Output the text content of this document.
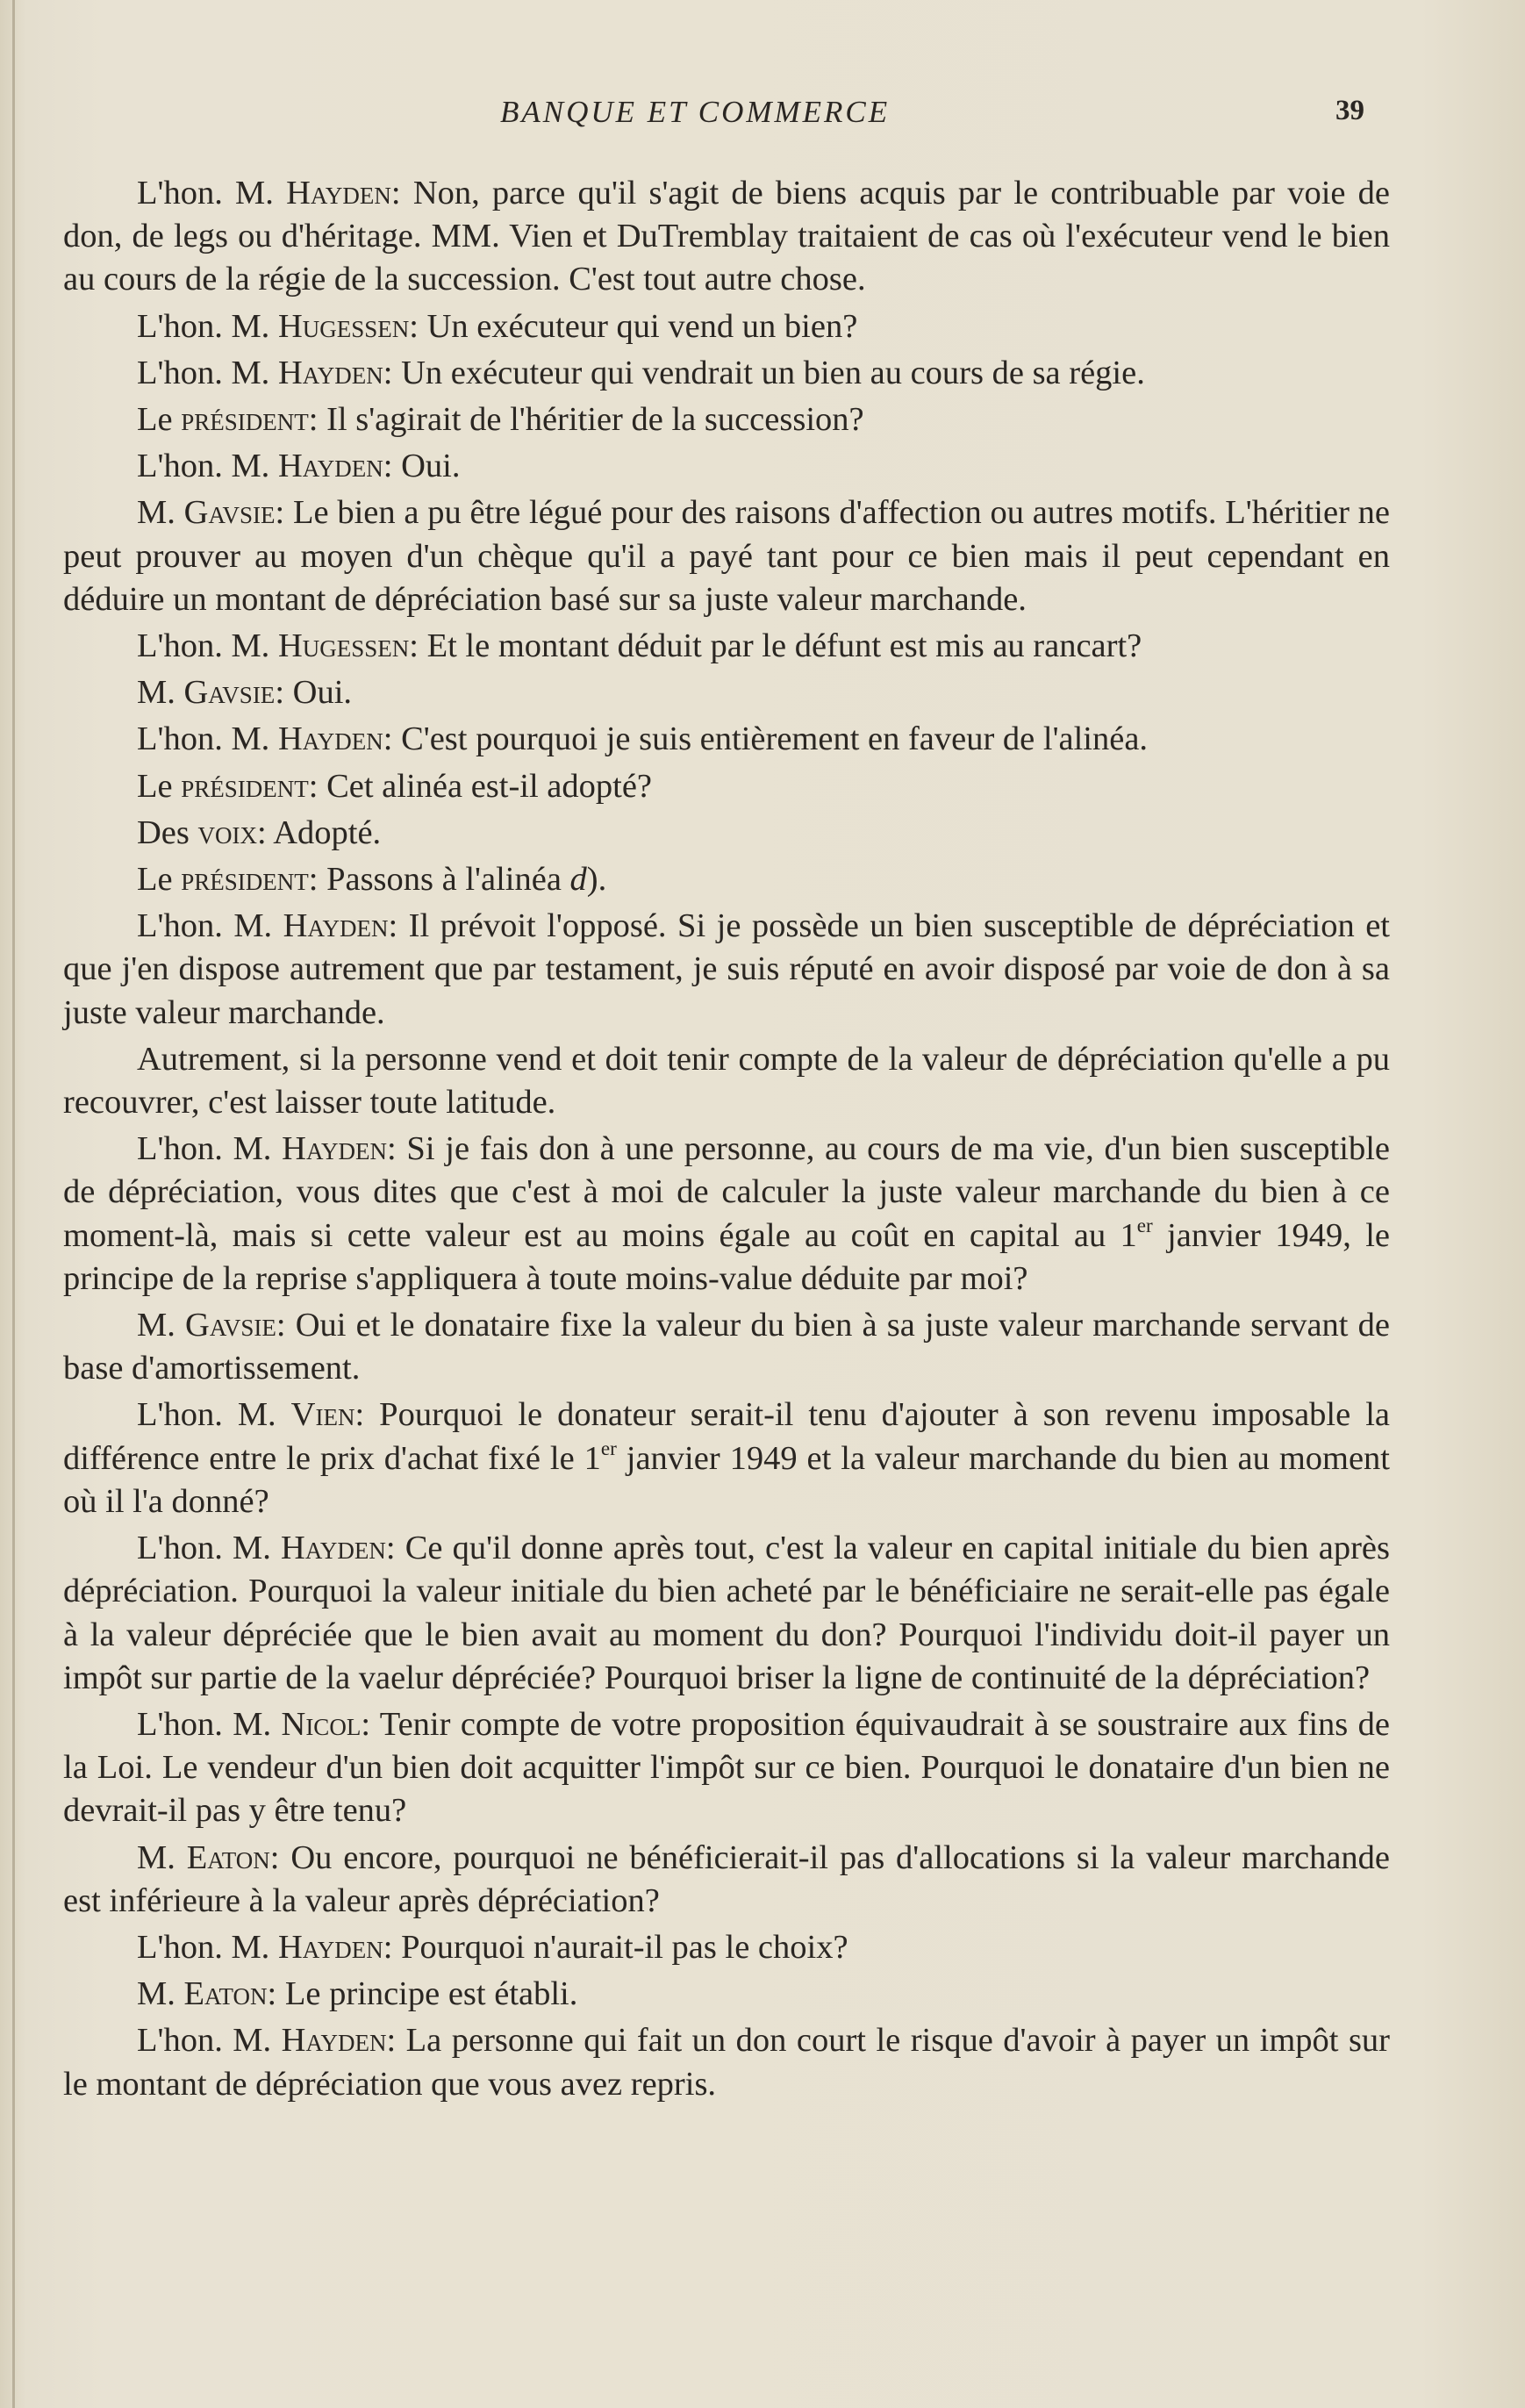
BANQUE ET COMMERCE	39

L'hon. M. Hayden: Non, parce qu'il s'agit de biens acquis par le contribuable par voie de don, de legs ou d'héritage. MM. Vien et DuTremblay traitaient de cas où l'exécuteur vend le bien au cours de la régie de la succession. C'est tout autre chose.

L'hon. M. Hugessen: Un exécuteur qui vend un bien?

L'hon. M. Hayden: Un exécuteur qui vendrait un bien au cours de sa régie.

Le président: Il s'agirait de l'héritier de la succession?

L'hon. M. Hayden: Oui.

M. Gavsie: Le bien a pu être légué pour des raisons d'affection ou autres motifs. L'héritier ne peut prouver au moyen d'un chèque qu'il a payé tant pour ce bien mais il peut cependant en déduire un montant de dépréciation basé sur sa juste valeur marchande.

L'hon. M. Hugessen: Et le montant déduit par le défunt est mis au rancart?

M. Gavsie: Oui.

L'hon. M. Hayden: C'est pourquoi je suis entièrement en faveur de l'alinéa.

Le président: Cet alinéa est-il adopté?

Des voix: Adopté.

Le président: Passons à l'alinéa d).

L'hon. M. Hayden: Il prévoit l'opposé. Si je possède un bien susceptible de dépréciation et que j'en dispose autrement que par testament, je suis réputé en avoir disposé par voie de don à sa juste valeur marchande.

Autrement, si la personne vend et doit tenir compte de la valeur de dépréciation qu'elle a pu recouvrer, c'est laisser toute latitude.

L'hon. M. Hayden: Si je fais don à une personne, au cours de ma vie, d'un bien susceptible de dépréciation, vous dites que c'est à moi de calculer la juste valeur marchande du bien à ce moment-là, mais si cette valeur est au moins égale au coût en capital au 1er janvier 1949, le principe de la reprise s'appliquera à toute moins-value déduite par moi?

M. Gavsie: Oui et le donataire fixe la valeur du bien à sa juste valeur marchande servant de base d'amortissement.

L'hon. M. Vien: Pourquoi le donateur serait-il tenu d'ajouter à son revenu imposable la différence entre le prix d'achat fixé le 1er janvier 1949 et la valeur marchande du bien au moment où il l'a donné?

L'hon. M. Hayden: Ce qu'il donne après tout, c'est la valeur en capital initiale du bien après dépréciation. Pourquoi la valeur initiale du bien acheté par le bénéficiaire ne serait-elle pas égale à la valeur dépréciée que le bien avait au moment du don? Pourquoi l'individu doit-il payer un impôt sur partie de la vaelur dépréciée? Pourquoi briser la ligne de continuité de la dépréciation?

L'hon. M. Nicol: Tenir compte de votre proposition équivaudrait à se soustraire aux fins de la Loi. Le vendeur d'un bien doit acquitter l'impôt sur ce bien. Pourquoi le donataire d'un bien ne devrait-il pas y être tenu?

M. Eaton: Ou encore, pourquoi ne bénéficierait-il pas d'allocations si la valeur marchande est inférieure à la valeur après dépréciation?

L'hon. M. Hayden: Pourquoi n'aurait-il pas le choix?

M. Eaton: Le principe est établi.

L'hon. M. Hayden: La personne qui fait un don court le risque d'avoir à payer un impôt sur le montant de dépréciation que vous avez repris.
